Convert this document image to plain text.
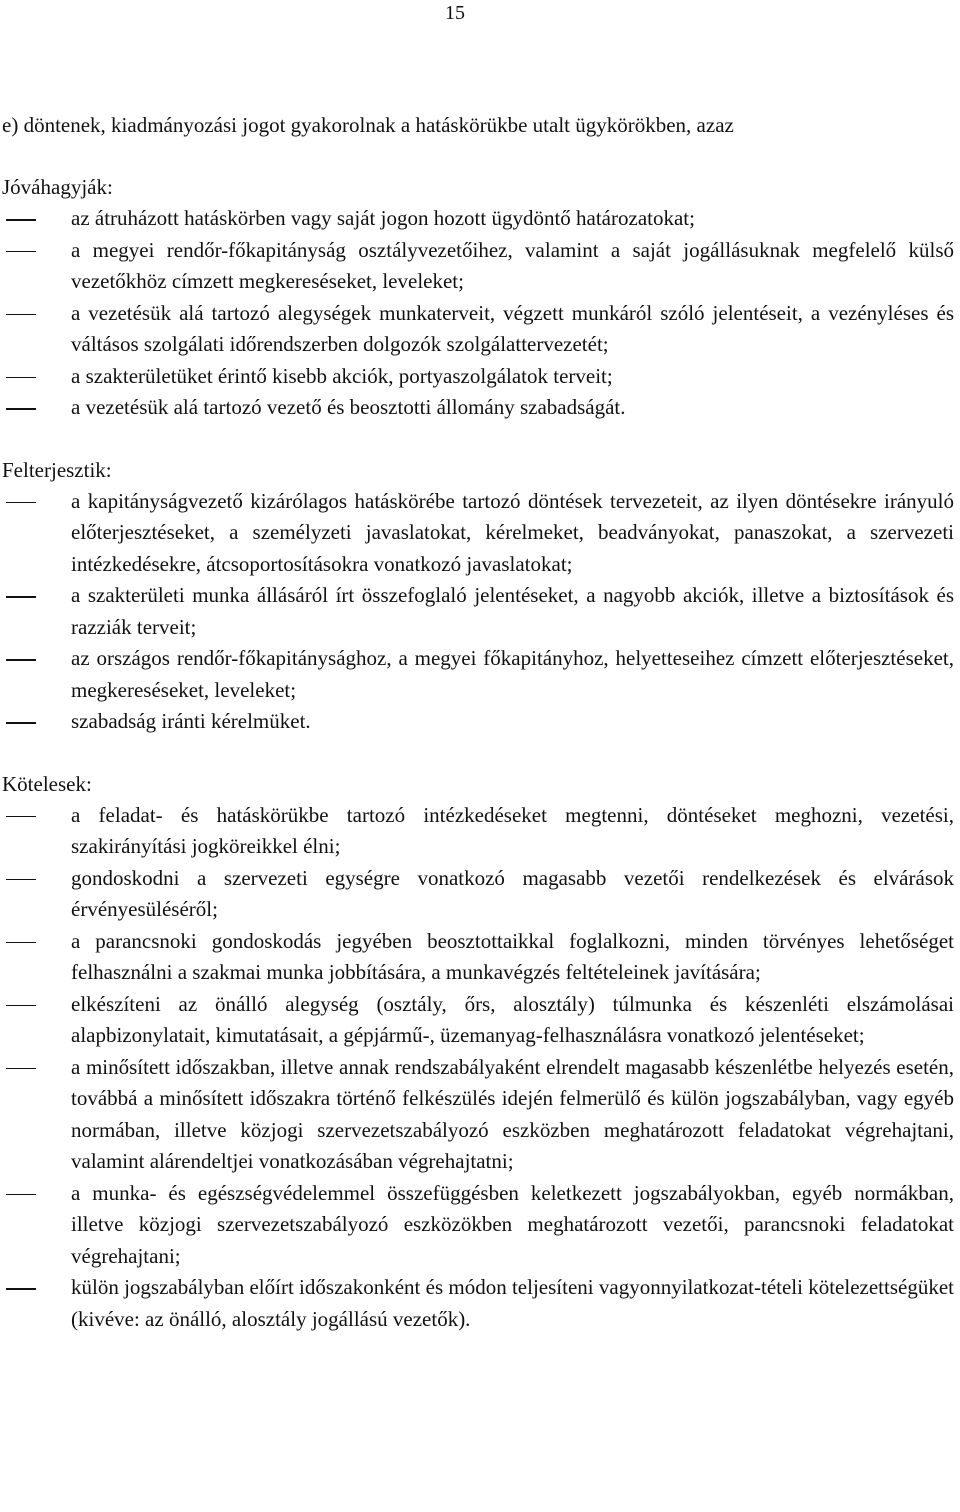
15

e) döntenek, kiadmányozási jogot gyakorolnak a hatáskörükbe utalt ügykörökben, azaz

Jóváhagyják:

az átruházott hatáskörben vagy saját jogon hozott ügydöntő határozatokat;
a megyei rendőr-főkapitányság osztályvezetőihez, valamint a saját jogállásuknak megfelelő külső vezetőkhöz címzett megkereséseket, leveleket;
a vezetésük alá tartozó alegységek munkaterveit, végzett munkáról szóló jelentéseit, a vezényléses és váltásos szolgálati időrendszerben dolgozók szolgálattervezetét;
a szakterületüket érintő kisebb akciók, portyaszolgálatok terveit;
a vezetésük alá tartozó vezető és beosztotti állomány szabadságát.

Felterjesztik:

a kapitányságvezető kizárólagos hatáskörébe tartozó döntések tervezeteit, az ilyen döntésekre irányuló előterjesztéseket, a személyzeti javaslatokat, kérelmeket, beadványokat, panaszokat, a szervezeti intézkedésekre, átcsoportosításokra vonatkozó javaslatokat;
a szakterületi munka állásáról írt összefoglaló jelentéseket, a nagyobb akciók, illetve a biztosítások és razziák terveit;
az országos rendőr-főkapitánysághoz, a megyei főkapitányhoz, helyetteseihez címzett előterjesztéseket, megkereséseket, leveleket;
szabadság iránti kérelmüket.

Kötelesek:

a feladat- és hatáskörükbe tartozó intézkedéseket megtenni, döntéseket meghozni, vezetési, szakirányítási jogköreikkel élni;
gondoskodni a szervezeti egységre vonatkozó magasabb vezetői rendelkezések és elvárások érvényesüléséről;
a parancsnoki gondoskodás jegyében beosztottaikkal foglalkozni, minden törvényes lehetőséget felhasználni a szakmai munka jobbítására, a munkavégzés feltételeinek javítására;
elkészíteni az önálló alegység (osztály, őrs, alosztály) túlmunka és készenléti elszámolásai alapbizonylatait, kimutatásait, a gépjármű-, üzemanyag-felhasználásra vonatkozó jelentéseket;
a minősített időszakban, illetve annak rendszabályaként elrendelt magasabb készenlétbe helyezés esetén, továbbá a minősített időszakra történő felkészülés idején felmerülő és külön jogszabályban, vagy egyéb normában, illetve közjogi szervezetszabályozó eszközben meghatározott feladatokat végrehajtani, valamint alárendeltjei vonatkozásában végrehajtatni;
a munka- és egészségvédelemmel összefüggésben keletkezett jogszabályokban, egyéb normákban, illetve közjogi szervezetszabályozó eszközökben meghatározott vezetői, parancsnoki feladatokat végrehajtani;
külön jogszabályban előírt időszakonként és módon teljesíteni vagyonnyilatkozat-tételi kötelezettségüket (kivéve: az önálló, alosztály jogállású vezetők).
